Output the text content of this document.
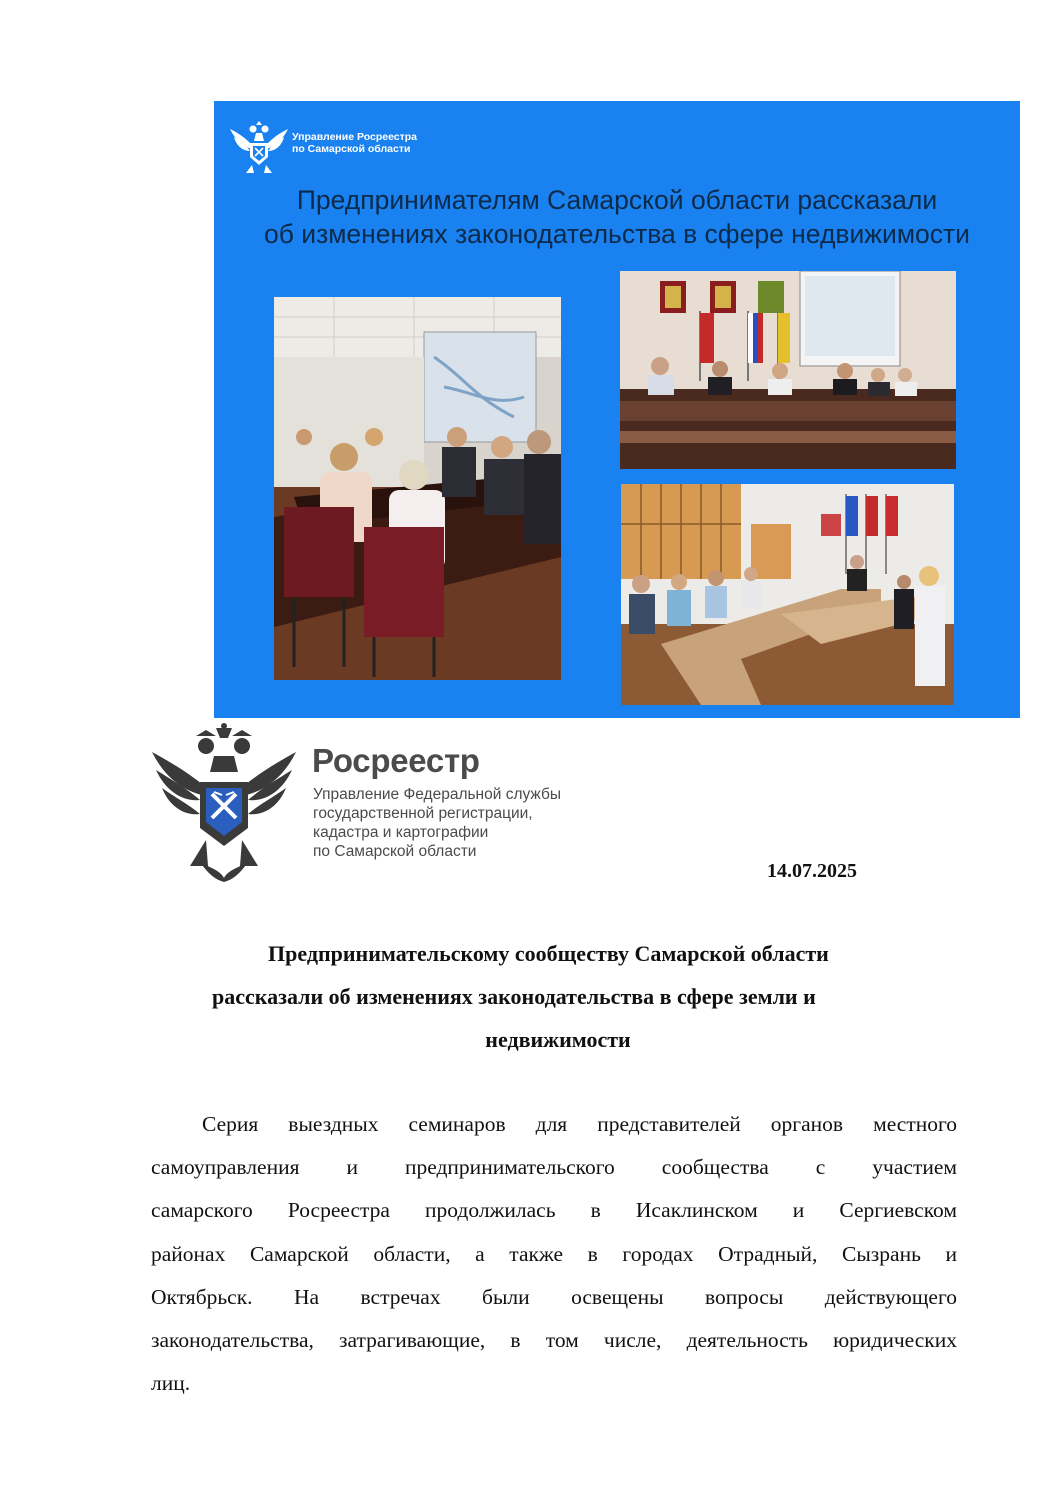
Управление Росреестра
по Самарской области
Предпринимателям Самарской области рассказали
об изменениях законодательства в сфере недвижимости
Росреестр
Управление Федеральной службы
государственной регистрации,
кадастра и картографии
по Самарской области
14.07.2025
Предпринимательскому сообществу Самарской области
рассказали об изменениях законодательства в сфере земли и
недвижимости
Серия выездных семинаров для представителей органов местного
самоуправления и предпринимательского сообщества с участием
самарского Росреестра продолжилась в Исаклинском и Сергиевском
районах Самарской области, а также в городах Отрадный, Сызрань и
Октябрьск. На встречах были освещены вопросы действующего
законодательства, затрагивающие, в том числе, деятельность юридических
лиц.
